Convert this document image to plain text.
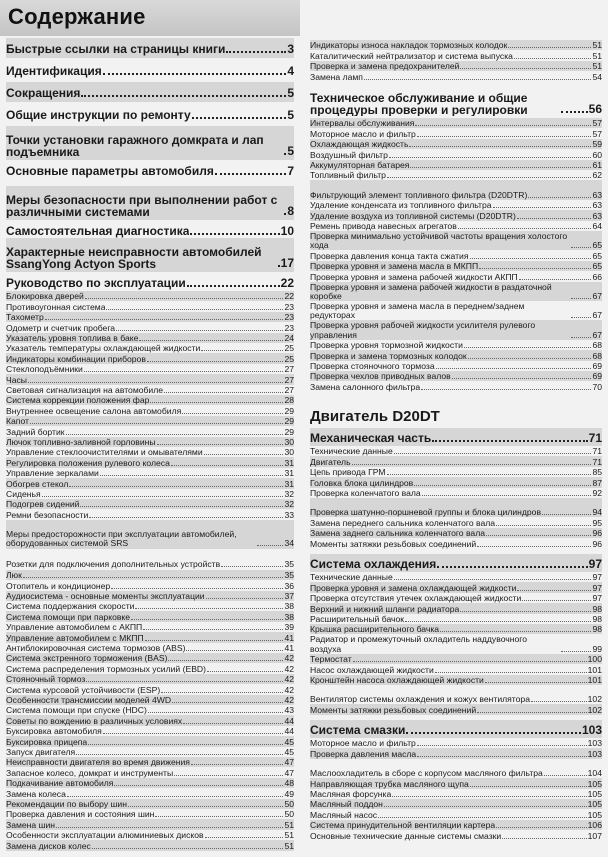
Содержание
Быстрые ссылки на страницы книги	3
Идентификация	4
Сокращения	5
Общие инструкции по ремонту	5
Точки установки гаражного домкрата и лап подъемника	5
Основные параметры автомобиля	7
Меры безопасности при выполнении работ с различными системами	8
Самостоятельная диагностика	10
Характерные неисправности автомобилей SsangYong Actyon Sports	17
Руководство по эксплуатации	22
Блокировка дверей	22
Противоугонная система	23
Тахометр	23
Одометр и счетчик пробега	23
Указатель уровня топлива в баке	24
Указатель температуры охлаждающей жидкости	25
Индикаторы комбинации приборов	25
Стеклоподъёмники	27
Часы	27
Световая сигнализация на автомобиле	27
Система коррекции положения фар	28
Внутреннее освещение салона автомобиля	29
Капот	29
Задний бортик	29
Лючок топливно-заливной горловины	30
Управление стеклоочистителями и омывателями	30
Регулировка положения рулевого колеса	31
Управление зеркалами	31
Обогрев стекол	31
Сиденья	32
Подогрев сидений	32
Ремни безопасности	33
Меры предосторожности при эксплуатации автомобилей, оборудованных системой SRS	34
Розетки для подключения дополнительных устройств	35
Люк	35
Отопитель и кондиционер	36
Аудиосистема - основные моменты эксплуатации	37
Система поддержания скорости	38
Система помощи при парковке	38
Управление автомобилем с АКПП	39
Управление автомобилем с МКПП	41
Антиблокировочная система тормозов (ABS)	41
Система экстренного торможения (BAS)	42
Система распределения тормозных усилий (EBD)	42
Стояночный тормоз	42
Система курсовой устойчивости (ESP)	42
Особенности трансмиссии моделей 4WD	42
Система помощи при спуске (HDC)	43
Советы по вождению в различных условиях	44
Буксировка автомобиля	44
Буксировка прицепа	45
Запуск двигателя	45
Неисправности двигателя во время движения	47
Запасное колесо, домкрат и инструменты	47
Подкачивание автомобиля	48
Замена колеса	49
Рекомендации по выбору шин	50
Проверка давления и состояния шин	50
Замена шин	51
Особенности эксплуатации алюминиевых дисков	51
Замена дисков колес	51
Индикаторы износа накладок тормозных колодок	51
Каталитический нейтрализатор и система выпуска	51
Проверка и замена предохранителей	51
Замена ламп	54
Техническое обслуживание и общие процедуры проверки и регулировки	56
Интервалы обслуживания	57
Моторное масло и фильтр	57
Охлаждающая жидкость	59
Воздушный фильтр	60
Аккумуляторная батарея	61
Топливный фильтр	62
Фильтрующий элемент топливного фильтра (D20DTR)	63
Удаление конденсата из топливного фильтра	63
Удаление воздуха из топливной системы (D20DTR)	63
Ремень привода навесных агрегатов	64
Проверка минимально устойчивой частоты вращения холостого хода	65
Проверка давления конца такта сжатия	65
Проверка уровня и замена масла в МКПП	65
Проверка уровня и замена рабочей жидкости АКПП	66
Проверка уровня и замена рабочей жидкости в раздаточной коробке	67
Проверка уровня и замена масла в переднем/заднем редукторах	67
Проверка уровня рабочей жидкости усилителя рулевого управления	67
Проверка уровня тормозной жидкости	68
Проверка и замена тормозных колодок	68
Проверка стояночного тормоза	69
Проверка чехлов приводных валов	69
Замена салонного фильтра	70
Двигатель D20DT
Механическая часть	71
Технические данные	71
Двигатель	71
Цепь привода ГРМ	85
Головка блока цилиндров	87
Проверка коленчатого вала	92
Проверка шатунно-поршневой группы и блока цилиндров	94
Замена переднего сальника коленчатого вала	95
Замена заднего сальника коленчатого вала	96
Моменты затяжки резьбовых соединений	96
Система охлаждения	97
Технические данные	97
Проверка уровня и замена охлаждающей жидкости	97
Проверка отсутствия утечек охлаждающей жидкости	97
Верхний и нижний шланги радиатора	98
Расширительный бачок	98
Крышка расширительного бачка	98
Радиатор и промежуточный охладитель наддувочного воздуха	99
Термостат	100
Насос охлаждающей жидкости	101
Кронштейн насоса охлаждающей жидкости	101
Вентилятор системы охлаждения и кожух вентилятора	102
Моменты затяжки резьбовых соединений	102
Система смазки	103
Моторное масло и фильтр	103
Проверка давления масла	103
Маслоохладитель в сборе с корпусом масляного фильтра	104
Направляющая трубка масляного щупа	105
Масляная форсунка	105
Масляный поддон	105
Масляный насос	105
Система принудительной вентиляции картера	106
Основные технические данные системы смазки	107
